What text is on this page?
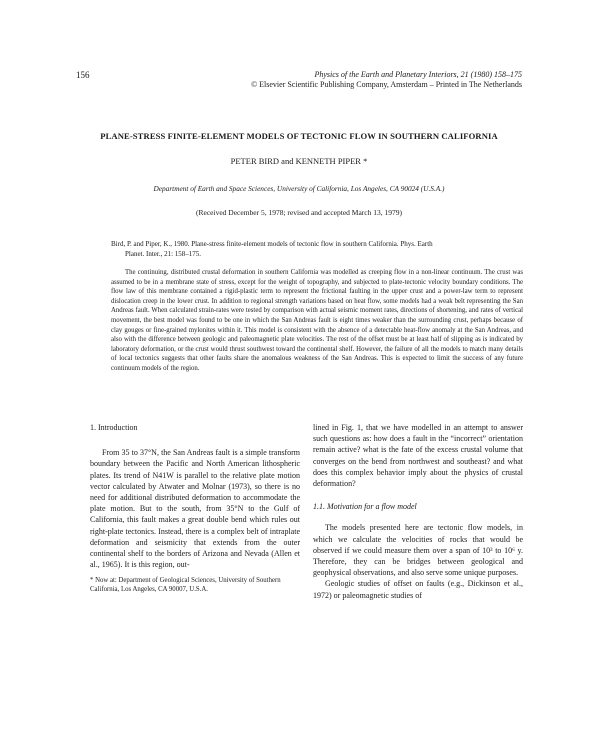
156	Physics of the Earth and Planetary Interiors, 21 (1980) 158–175
© Elsevier Scientific Publishing Company, Amsterdam – Printed in The Netherlands
PLANE-STRESS FINITE-ELEMENT MODELS OF TECTONIC FLOW IN SOUTHERN CALIFORNIA
PETER BIRD and KENNETH PIPER *
Department of Earth and Space Sciences, University of California, Los Angeles, CA 90024 (U.S.A.)
(Received December 5, 1978; revised and accepted March 13, 1979)
Bird, P. and Piper, K., 1980. Plane-stress finite-element models of tectonic flow in southern California. Phys. Earth
Planet. Inter., 21: 158–175.

The continuing, distributed crustal deformation in southern California was modelled as creeping flow in a non-linear continuum. The crust was assumed to be in a membrane state of stress, except for the weight of topography, and subjected to plate-tectonic velocity boundary conditions. The flow law of this membrane contained a rigid-plastic term to represent the frictional faulting in the upper crust and a power-law term to represent dislocation creep in the lower crust. In addition to regional strength variations based on heat flow, some models had a weak belt representing the San Andreas fault. When calculated strain-rates were tested by comparison with actual seismic moment rates, directions of shortening, and rates of vertical movement, the best model was found to be one in which the San Andreas fault is eight times weaker than the surrounding crust, perhaps because of clay gouges or fine-grained mylonites within it. This model is consistent with the absence of a detectable heat-flow anomaly at the San Andreas, and also with the difference between geologic and paleomagnetic plate velocities. The rest of the offset must be at least half of slipping as is indicated by laboratory deformation, or the crust would thrust southwest toward the continental shelf. However, the failure of all the models to match many details of local tectonics suggests that other faults share the anomalous weakness of the San Andreas. This is expected to limit the success of any future continuum models of the region.

1. Introduction

From 35 to 37°N, the San Andreas fault is a simple transform boundary between the Pacific and North American lithospheric plates. Its trend of N41W is parallel to the relative plate motion vector calculated by Atwater and Molnar (1973), so there is no need for additional distributed deformation to accommodate the plate motion. But to the south, from 35°N to the Gulf of California, this fault makes a great double bend which rules out right-plate tectonics. Instead, there is a complex belt of intraplate deformation and seismicity that extends from the outer continental shelf to the borders of Arizona and Nevada (Allen et al., 1965). It is this region, out-

lined in Fig. 1, that we have modelled in an attempt to answer such questions as: how does a fault in the “incorrect” orientation remain active? what is the fate of the excess crustal volume that converges on the bend from northwest and southeast? and what does this complex behavior imply about the physics of crustal deformation?

1.1. Motivation for a flow model

The models presented here are tectonic flow models, in which we calculate the velocities of rocks that would be observed if we could measure them over a span of 10³ to 10⁶ y. Therefore, they can be bridges between geological and geophysical observations, and also serve some unique purposes.

Geologic studies of offset on faults (e.g., Dickinson et al., 1972) or paleomagnetic studies of

* Now at: Department of Geological Sciences, University of Southern California, Los Angeles, CA 90007, U.S.A.
